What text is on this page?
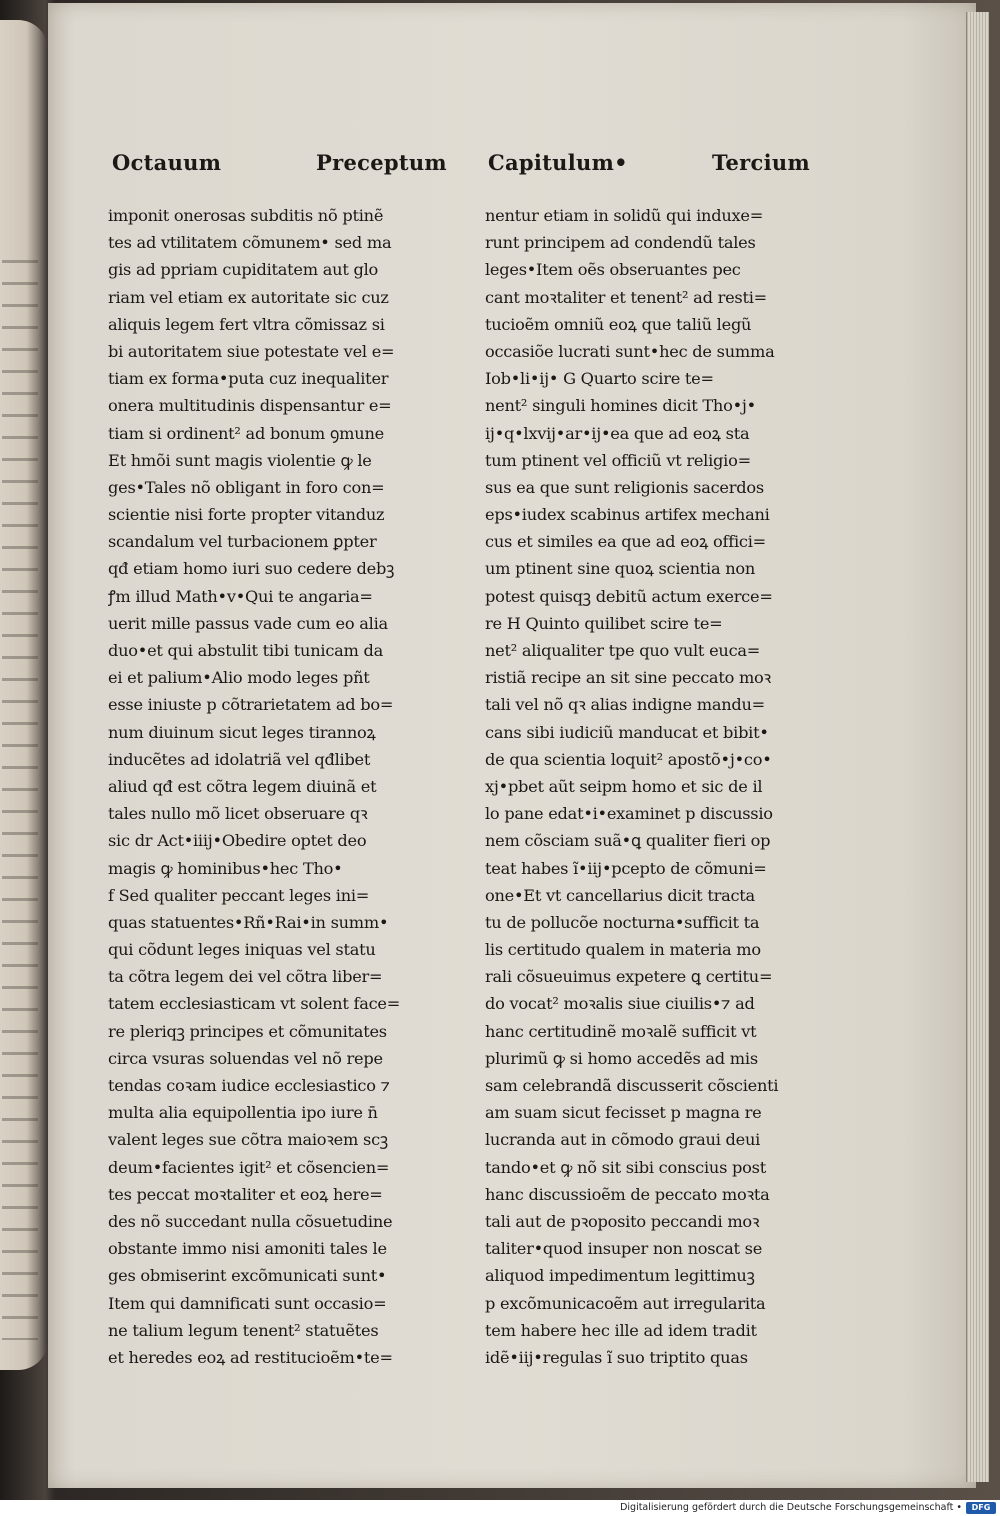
Octauum	Preceptum Capitulum•	Tercium
imponit onerosas subditis nõ ptinẽ
tes ad vtilitatem cõmunem• sed ma
gis ad ppriam cupiditatem aut glo
riam vel etiam ex autoritate sic cuz
aliquis legem fert vltra cõmissaz si
bi autoritatem siue potestate vel e=
tiam ex forma•puta cuz inequaliter
onera multitudinis dispensantur e=
tiam si ordinent² ad bonum ꝯmune
Et hmõi sunt magis violentie ꝙ le
ges•Tales nõ obligant in foro con=
scientie nisi forte propter vitanduz
scandalum vel turbacionem ꝑpter
qđ etiam homo iuri suo cedere debꝫ
ꝭm illud Math•v•Qui te angaria=
uerit mille passus vade cum eo alia
duo•et qui abstulit tibi tunicam da
ei et palium•Alio modo leges pñt
esse iniuste p cõtrarietatem ad bo=
num diuinum sicut leges tirannoꝝ
inducẽtes ad idolatriã vel qđlibet
aliud qđ est cõtra legem diuinã et
tales nullo mõ licet obseruare qꝛ
sic dr Act•iiij•Obedire optet deo
magis ꝙ hominibus•hec Tho•
f Sed qualiter peccant leges ini=
quas statuentes•Rñ•Rai•in summ•
qui cõdunt leges iniquas vel statu
ta cõtra legem dei vel cõtra liber=
tatem ecclesiasticam vt solent face=
re pleriqꝫ principes et cõmunitates
circa vsuras soluendas vel nõ repe
tendas coꝛam iudice ecclesiastico ⁊
multa alia equipollentia ipo iure n̄
valent leges sue cõtra maioꝛem scꝫ
deum•facientes igit² et cõsencien=
tes peccat moꝛtaliter et eoꝝ here=
des nõ succedant nulla cõsuetudine
obstante immo nisi amoniti tales le
ges obmiserint excõmunicati sunt•
Item qui damnificati sunt occasio=
ne talium legum tenent² statuẽtes
et heredes eoꝝ ad restitucioẽm•te=
nentur etiam in solidũ qui induxe=
runt principem ad condendũ tales
leges•Item oẽs obseruantes pec
cant moꝛtaliter et tenent² ad resti=
tucioẽm omniũ eoꝝ que taliũ legũ
occasiõe lucrati sunt•hec de summa
Iob•li•ij• G Quarto scire te=
nent² singuli homines dicit Tho•j•
ij•q•lxvij•ar•ij•ea que ad eoꝝ sta
tum ptinent vel officiũ vt religio=
sus ea que sunt religionis sacerdos
eps•iudex scabinus artifex mechani
cus et similes ea que ad eoꝝ offici=
um ptinent sine quoꝝ scientia non
potest quisqꝫ debitũ actum exerce=
re H Quinto quilibet scire te=
net² aliqualiter tpe quo vult euca=
ristiã recipe an sit sine peccato moꝛ
tali vel nõ qꝛ alias indigne mandu=
cans sibi iudiciũ manducat et bibit•
de qua scientia loquit² apostõ•j•co•
xj•pbet aũt seipm homo et sic de il
lo pane edat•i•examinet p discussio
nem cõsciam suã•ꝗ qualiter fieri op
teat habes ĩ•iij•pcepto de cõmuni=
one•Et vt cancellarius dicit tracta
tu de pollucõe nocturna•sufficit ta
lis certitudo qualem in materia mo
rali cõsueuimus expetere ꝗ certitu=
do vocat² moꝛalis siue ciuilis•⁊ ad
hanc certitudinẽ moꝛalẽ sufficit vt
plurimũ ꝙ si homo accedẽs ad mis
sam celebrandã discusserit cõscienti
am suam sicut fecisset p magna re
lucranda aut in cõmodo graui deui
tando•et ꝙ nõ sit sibi conscius post
hanc discussioẽm de peccato moꝛta
tali aut de pꝛoposito peccandi moꝛ
taliter•quod insuper non noscat se
aliquod impedimentum legittimuꝫ
p excõmunicacoẽm aut irregularita
tem habere hec ille ad idem tradit
idẽ•iij•regulas ĩ suo triptito quas
Digitalisierung gefördert durch die Deutsche Forschungsgemeinschaft •	DFG
